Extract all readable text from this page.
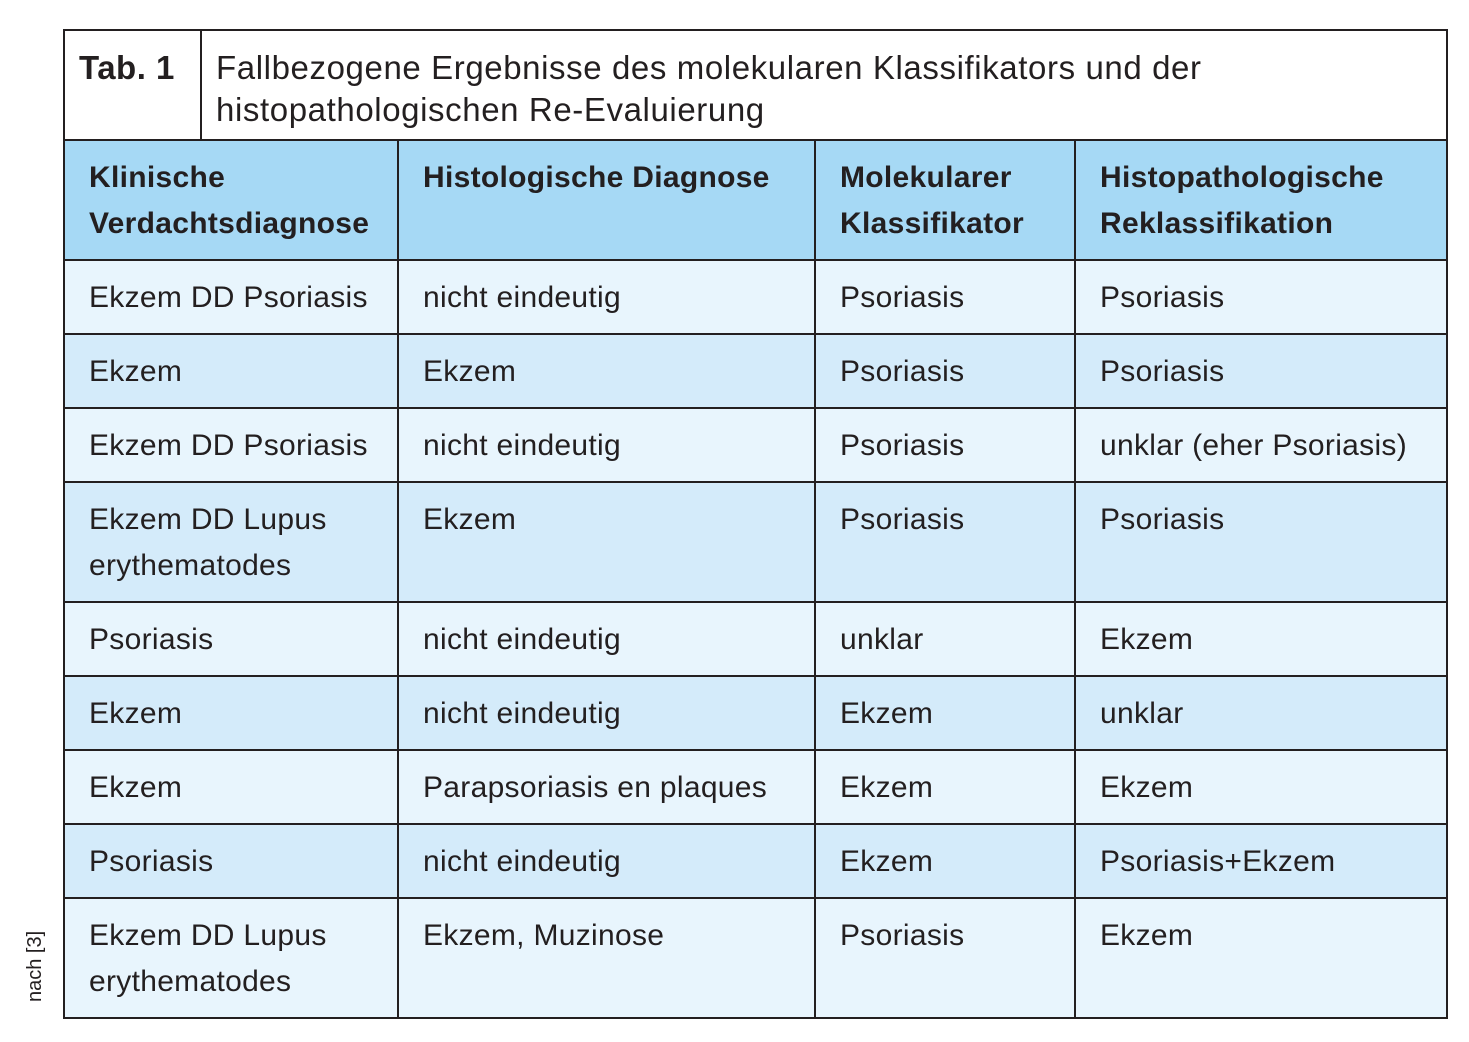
Tab. 1	Fallbezogene Ergebnisse des molekularen Klassifikators und der histopathologischen Re-Evaluierung
Klinische Verdachtsdiagnose	Histologische Diagnose	Molekularer Klassifikator	Histopathologische Reklassifikation
Ekzem DD Psoriasis	nicht eindeutig	Psoriasis	Psoriasis
Ekzem	Ekzem	Psoriasis	Psoriasis
Ekzem DD Psoriasis	nicht eindeutig	Psoriasis	unklar (eher Psoriasis)
Ekzem DD Lupus erythematodes	Ekzem	Psoriasis	Psoriasis
Psoriasis	nicht eindeutig	unklar	Ekzem
Ekzem	nicht eindeutig	Ekzem	unklar
Ekzem	Parapsoriasis en plaques	Ekzem	Ekzem
Psoriasis	nicht eindeutig	Ekzem	Psoriasis+Ekzem
Ekzem DD Lupus erythematodes	Ekzem, Muzinose	Psoriasis	Ekzem
nach [3]
